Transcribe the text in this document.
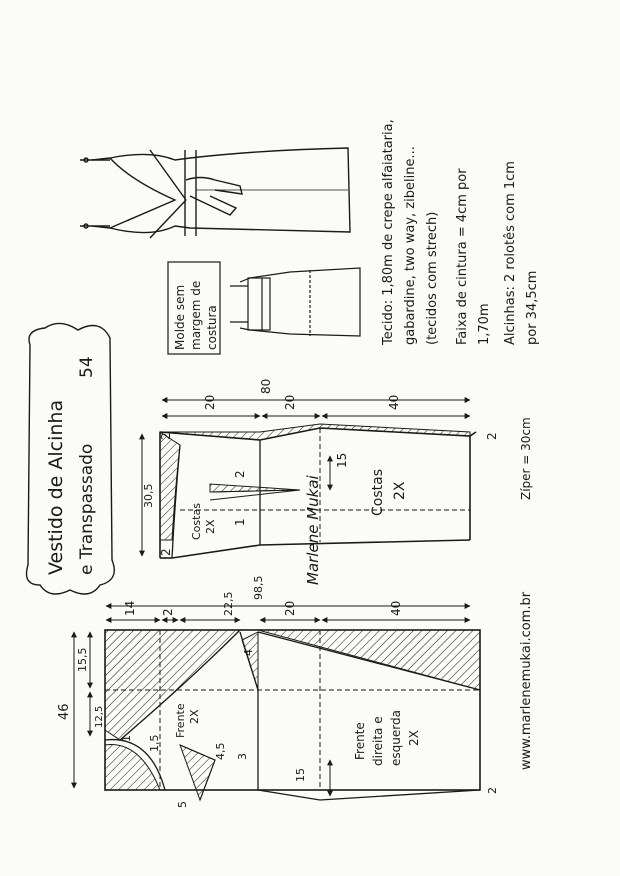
Vestido de Alcinha e Transpassado
54
Molde sem margem de costura	Tecido: 1,80m de crepe alfaiataria, gabardine, two way, zibeline... (tecidos com strech) Faixa de cintura = 4cm por 1,70m Alcinhas: 2 rolotês com 1cm por 34,5cm
Zíper = 30cm
www.marlenemukai.com.br
Marlene Mukai
80
20	20	40
30,5
2
1
15
2
2
2
Costas 2X
Costas 2X
98,5
14 2	22,5	20	40
46
15,5
12,5
4,5
1,5
4
1
3
5
15
2
Frente 2X
Frente direita e esquerda 2X
